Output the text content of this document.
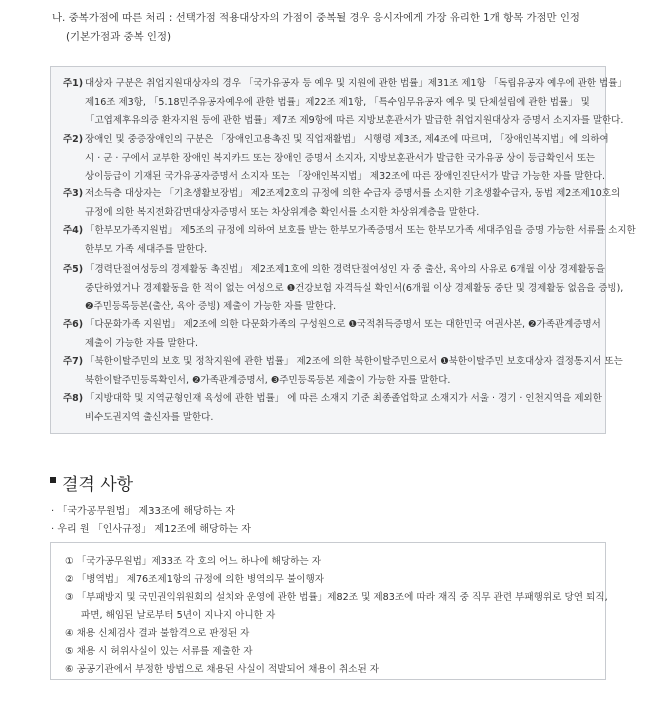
나. 중복가점에 따른 처리 : 선택가점 적용대상자의 가점이 중복될 경우 응시자에게 가장 유리한 1개 항목 가점만 인정
(기본가점과 중복 인정)
주1) 대상자 구분은 취업지원대상자의 경우 「국가유공자 등 예우 및 지원에 관한 법률」제31조 제1항 「독립유공자 예우에 관한 법률」
제16조 제3항, 「5.18민주유공자예우에 관한 법률」제22조 제1항, 「특수임무유공자 예우 및 단체설립에 관한 법률」 및
「고엽제후유의증 환자지원 등에 관한 법률」제7조 제9항에 따른 지방보훈관서가 발급한 취업지원대상자 증명서 소지자를 말한다.
주2) 장애인 및 중증장애인의 구분은 「장애인고용촉진 및 직업재활법」 시행령 제3조, 제4조에 따르며, 「장애인복지법」에 의하여
시 · 군 · 구에서 교부한 장애인 복지카드 또는 장애인 증명서 소지자, 지방보훈관서가 발급한 국가유공 상이 등급확인서 또는
상이등급이 기재된 국가유공자증명서 소지자 또는 「장애인복지법」 제32조에 따른 장애인진단서가 발급 가능한 자를 말한다.
주3) 저소득층 대상자는 「기초생활보장법」 제2조제2호의 규정에 의한 수급자 증명서를 소지한 기초생활수급자, 동법 제2조제10호의
규정에 의한 복지전화감면대상자증명서 또는 차상위계층 확인서를 소지한 차상위계층을 말한다.
주4) 「한부모가족지원법」 제5조의 규정에 의하여 보호를 받는 한부모가족증명서 또는 한부모가족 세대주임을 증명 가능한 서류를 소지한
한부모 가족 세대주를 말한다.
주5) 「경력단절여성등의 경제활동 촉진법」 제2조제1호에 의한 경력단절여성인 자 중 출산, 육아의 사유로 6개월 이상 경제활동을
중단하였거나 경제활동을 한 적이 없는 여성으로 ❶건강보험 자격득실 확인서(6개월 이상 경제활동 중단 및 경제활동 없음을 증빙),
❷주민등록등본(출산, 육아 증빙) 제출이 가능한 자를 말한다.
주6) 「다문화가족 지원법」 제2조에 의한 다문화가족의 구성원으로 ❶국적취득증명서 또는 대한민국 여권사본, ❷가족관계증명서
제출이 가능한 자를 말한다.
주7) 「북한이탈주민의 보호 및 정착지원에 관한 법률」 제2조에 의한 북한이탈주민으로서 ❶북한이탈주민 보호대상자 결정통지서 또는
북한이탈주민등록확인서, ❷가족관계증명서, ❸주민등록등본 제출이 가능한 자를 말한다.
주8) 「지방대학 및 지역균형인재 육성에 관한 법률」 에 따른 소재지 기준 최종졸업학교 소재지가 서울 · 경기 · 인천지역을 제외한
비수도권지역 출신자를 말한다.
결격 사항
· 「국가공무원법」 제33조에 해당하는 자
· 우리 원 「인사규정」 제12조에 해당하는 자
① 「국가공무원법」제33조 각 호의 어느 하나에 해당하는 자
② 「병역법」 제76조제1항의 규정에 의한 병역의무 불이행자
③ 「부패방지 및 국민권익위원회의 설치와 운영에 관한 법률」제82조 및 제83조에 따라 재직 중 직무 관련 부패행위로 당연 퇴직,
파면, 해임된 날로부터 5년이 지나지 아니한 자
④ 채용 신체검사 결과 불합격으로 판정된 자
⑤ 채용 시 허위사실이 있는 서류를 제출한 자
⑥ 공공기관에서 부정한 방법으로 채용된 사실이 적발되어 채용이 취소된 자
